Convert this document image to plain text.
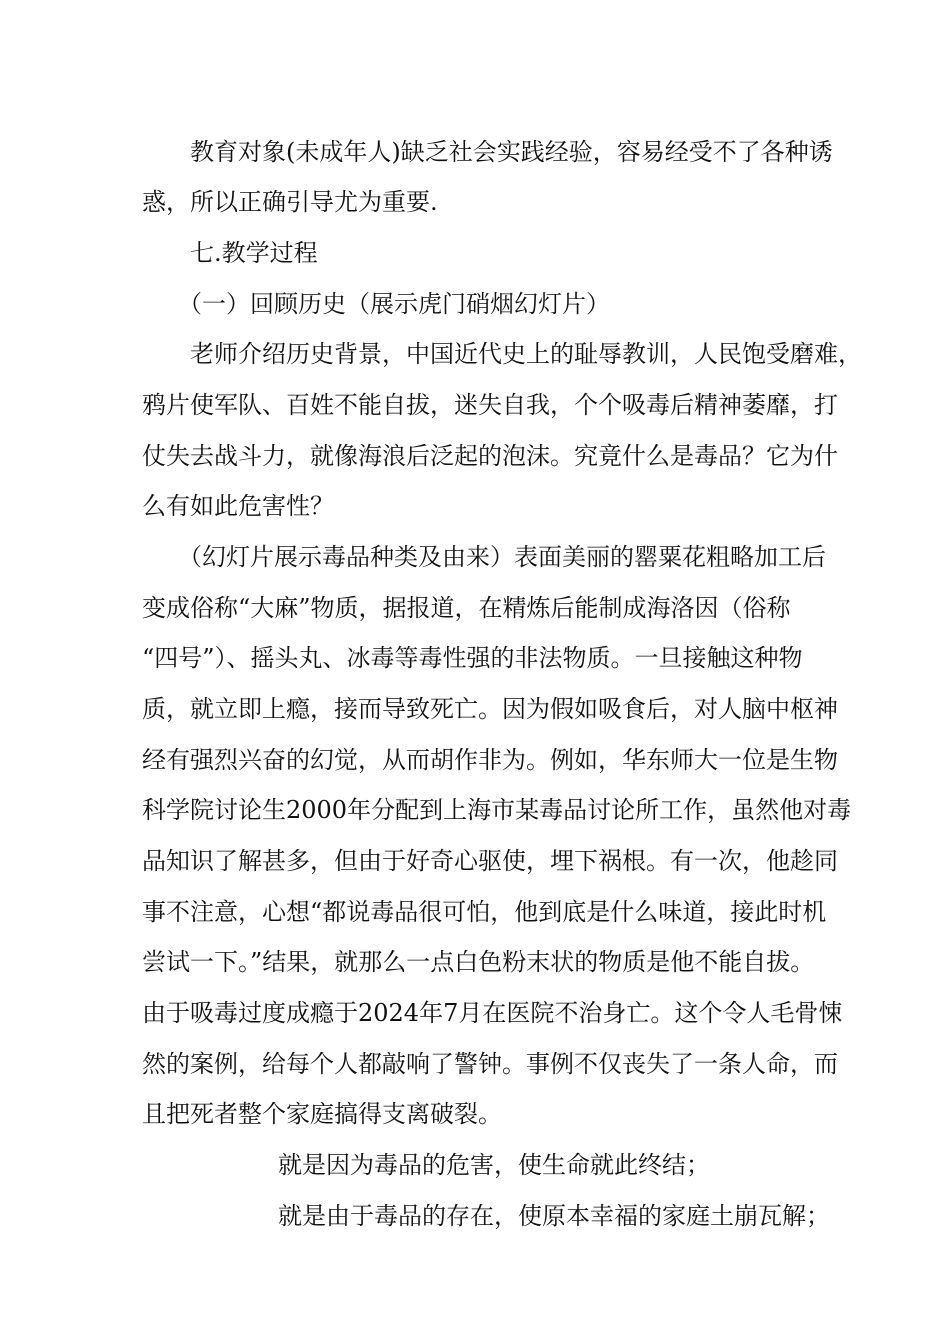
教育对象(未成年人)缺乏社会实践经验，容易经受不了各种诱
惑，所以正确引导尤为重要.
七.教学过程
（一）回顾历史（展示虎门硝烟幻灯片）
老师介绍历史背景，中国近代史上的耻辱教训，人民饱受磨难，
鸦片使军队、百姓不能自拔，迷失自我，个个吸毒后精神萎靡，打
仗失去战斗力，就像海浪后泛起的泡沫。究竟什么是毒品？它为什
么有如此危害性？
（幻灯片展示毒品种类及由来）表面美丽的罂粟花粗略加工后
变成俗称“大麻”物质，据报道，在精炼后能制成海洛因（俗称
“四号”）、摇头丸、冰毒等毒性强的非法物质。一旦接触这种物
质，就立即上瘾，接而导致死亡。因为假如吸食后，对人脑中枢神
经有强烈兴奋的幻觉，从而胡作非为。例如，华东师大一位是生物
科学院讨论生2000年分配到上海市某毒品讨论所工作，虽然他对毒
品知识了解甚多，但由于好奇心驱使，埋下祸根。有一次，他趁同
事不注意，心想“都说毒品很可怕，他到底是什么味道，接此时机
尝试一下。”结果，就那么一点白色粉末状的物质是他不能自拔。
由于吸毒过度成瘾于2024年7月在医院不治身亡。这个令人毛骨悚
然的案例，给每个人都敲响了警钟。事例不仅丧失了一条人命，而
且把死者整个家庭搞得支离破裂。
就是因为毒品的危害，使生命就此终结；
就是由于毒品的存在，使原本幸福的家庭土崩瓦解；
